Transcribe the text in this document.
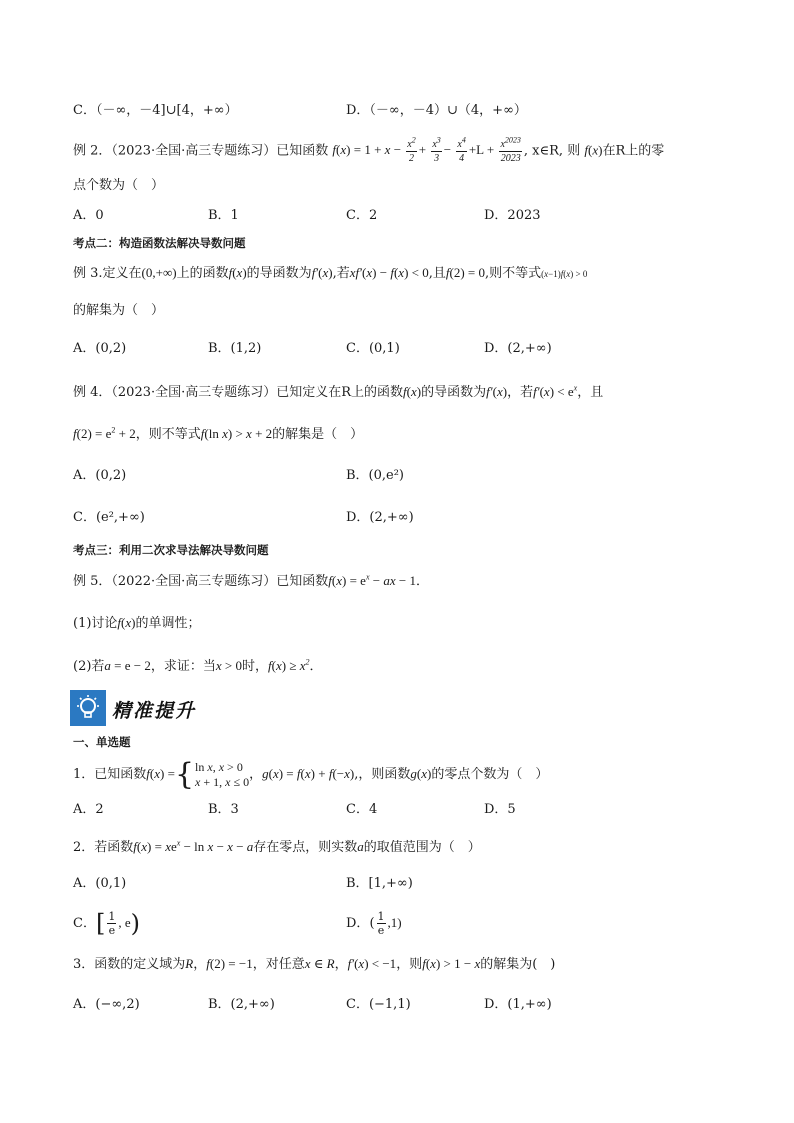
C．（－∞，－4]∪[4，+∞）	D．（－∞，－4）∪（4，+∞）
例 2．（2023·全国·高三专题练习）已知函数 $f(x) = 1 + x - \frac{x^2}{2} + \frac{x^3}{3} - \frac{x^4}{4} +L + \frac{x^{2023}}{2023}$ , x∈R, 则 f(x)在R上的零
点个数为（　）
A．0	B．1	C．2	D．2023
考点二：构造函数法解决导数问题
例 3.定义在(0,+∞)上的函数f(x)的导函数为f′(x),若xf′(x) − f(x) < 0,且f(2) = 0,则不等式(x−1)f(x) > 0
的解集为（　）
A．(0,2)	B．(1,2)	C．(0,1)	D．(2,+∞)
例 4．（2023·全国·高三专题练习）已知定义在R上的函数f(x)的导函数为f′(x)，若$f'(x) < e^x$，且
$f(2) = e^2 + 2$，则不等式f(ln x) > x + 2的解集是（　）
A．(0,2)	B．(0,e²)
C．(e²,+∞)	D．(2,+∞)
考点三：利用二次求导法解决导数问题
例 5．（2022·全国·高三专题练习）已知函数$f(x) = e^x$ − ax − 1．
(1)讨论f(x)的单调性；
(2)若a = e − 2，求证：当x > 0时，$f(x) \ge x^2$．
精准提升
一、单选题
1．已知函数f(x) ={ln x, x > 0
x + 1, x ≤ 0，g(x) = f(x) + f(−x),，则函数g(x)的零点个数为（　）
A．2	B．3	C．4	D．5
2．若函数$f(x) = xe^x - \ln x - x - a$存在零点，则实数a的取值范围为（　）
A．(0,1)	B．[1,+∞)
C．[ $\frac{1}{e}$ , e)	D．( $\frac{1}{e} ,1$)
3．函数的定义域为R，f(2) = −1，对任意x ∈ R，f′(x) < −1，则f(x) > 1 − x的解集为(　)
A．(−∞,2)	B．(2,+∞)	C．(−1,1)	D．(1,+∞)
